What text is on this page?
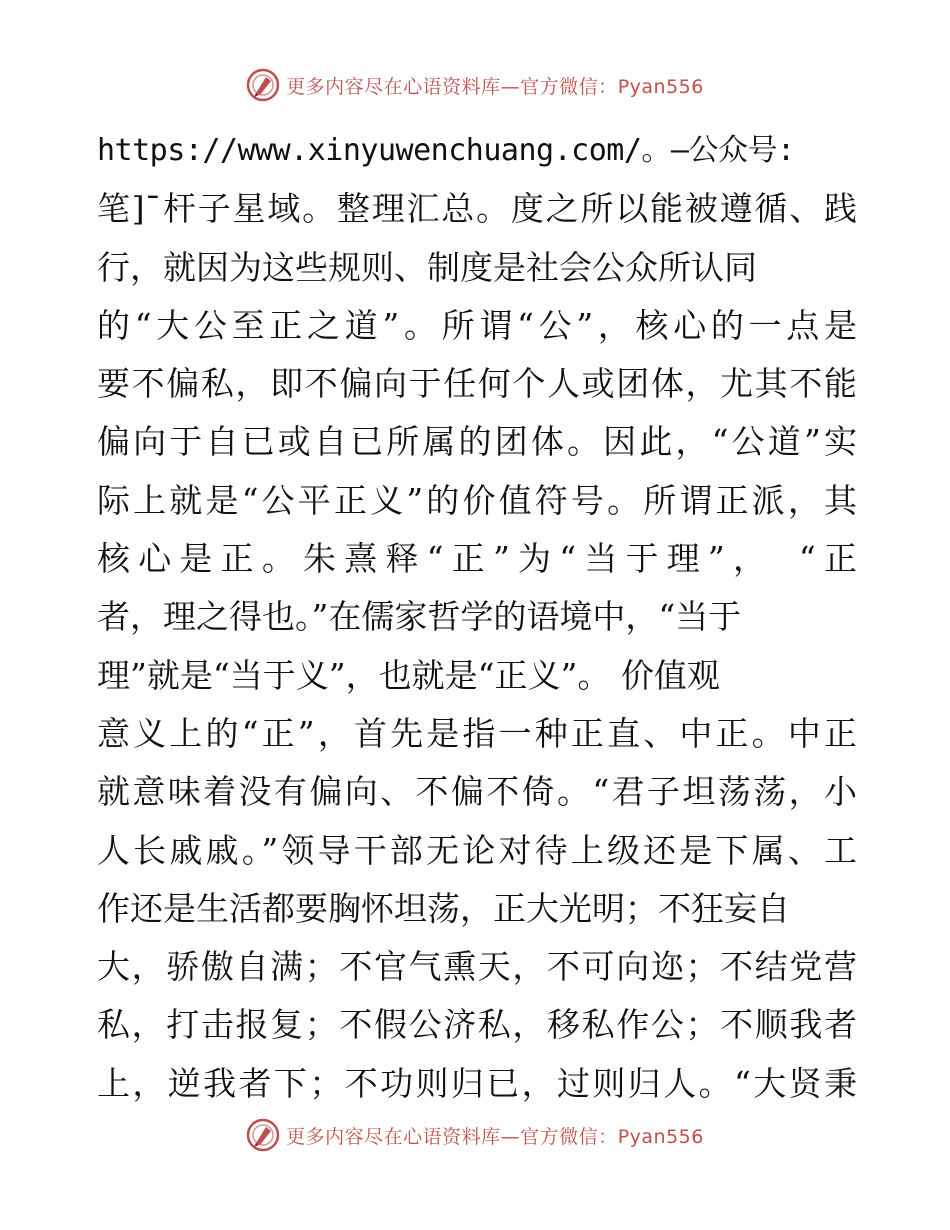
更多内容尽在心语资料库—官方微信：Pyan556
https://www.xinyuwenchuang.com/。—公众号:
笔]¯杆子星域。整理汇总。度之所以能被遵循、践
行，就因为这些规则、制度是社会公众所认同
的“大公至正之道”。所谓“公”，核心的一点是
要不偏私，即不偏向于任何个人或团体，尤其不能
偏向于自已或自已所属的团体。因此，“公道”实
际上就是“公平正义”的价值符号。所谓正派，其
核心是正。朱熹释“正”为“当于理”，　“正
者，理之得也。”在儒家哲学的语境中，“当于
理”就是“当于义”，也就是“正义”。 价值观
意义上的“正”，首先是指一种正直、中正。中正
就意味着没有偏向、不偏不倚。“君子坦荡荡，小
人长戚戚。”领导干部无论对待上级还是下属、工
作还是生活都要胸怀坦荡，正大光明；不狂妄自
大，骄傲自满；不官气熏天，不可向迩；不结党营
私，打击报复；不假公济私，移私作公；不顺我者
上，逆我者下；不功则归已，过则归人。“大贤秉
更多内容尽在心语资料库—官方微信：Pyan556
